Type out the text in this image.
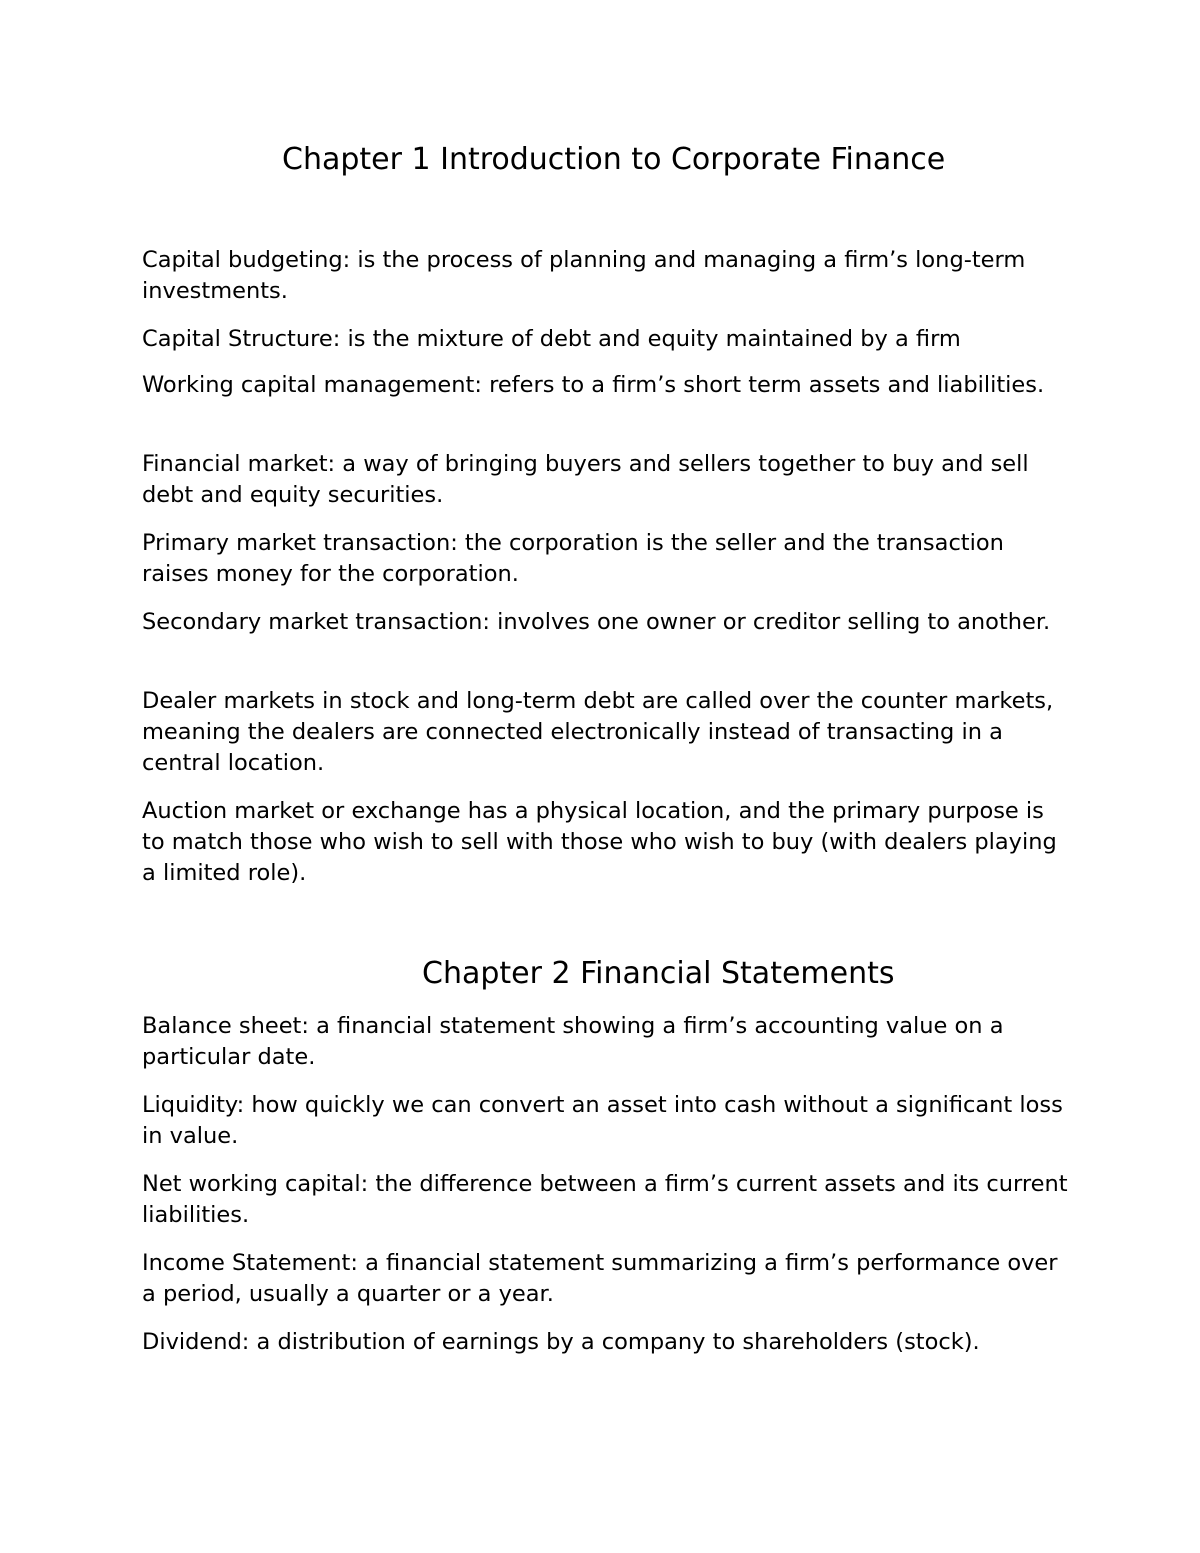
Chapter 1 Introduction to Corporate Finance

Capital budgeting: is the process of planning and managing a firm’s long-term investments.

Capital Structure: is the mixture of debt and equity maintained by a firm

Working capital management: refers to a firm’s short term assets and liabilities.

Financial market: a way of bringing buyers and sellers together to buy and sell debt and equity securities.

Primary market transaction: the corporation is the seller and the transaction raises money for the corporation.

Secondary market transaction: involves one owner or creditor selling to another.

Dealer markets in stock and long-term debt are called over the counter markets, meaning the dealers are connected electronically instead of transacting in a central location.

Auction market or exchange has a physical location, and the primary purpose is to match those who wish to sell with those who wish to buy (with dealers playing a limited role).

Chapter 2 Financial Statements

Balance sheet: a financial statement showing a firm’s accounting value on a particular date.

Liquidity: how quickly we can convert an asset into cash without a significant loss in value.

Net working capital: the difference between a firm’s current assets and its current liabilities.

Income Statement: a financial statement summarizing a firm’s performance over a period, usually a quarter or a year.

Dividend: a distribution of earnings by a company to shareholders (stock).
